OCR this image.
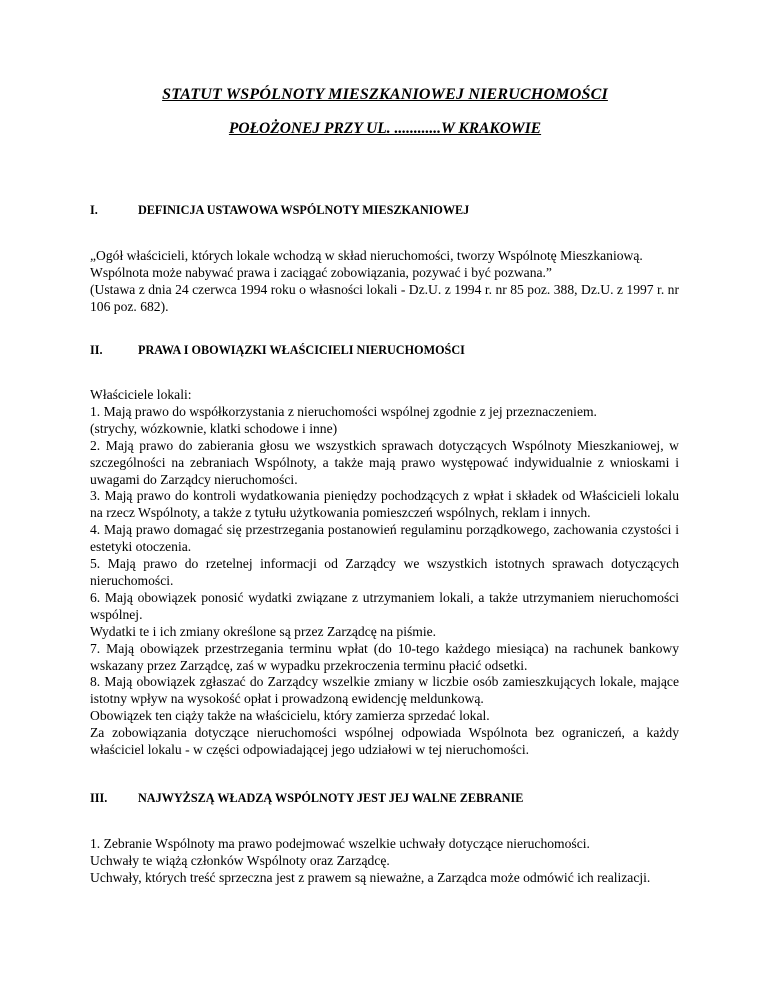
STATUT WSPÓLNOTY MIESZKANIOWEJ NIERUCHOMOŚCI
POŁOŻONEJ PRZY UL. ............W KRAKOWIE
I.	DEFINICJA USTAWOWA WSPÓLNOTY MIESZKANIOWEJ

„Ogół właścicieli, których lokale wchodzą w skład nieruchomości, tworzy Wspólnotę Mieszkaniową.

Wspólnota może nabywać prawa i zaciągać zobowiązania, pozywać i być pozwana.”

(Ustawa z dnia 24 czerwca 1994 roku o własności lokali - Dz.U. z 1994 r. nr 85 poz. 388, Dz.U. z 1997 r. nr 106 poz. 682).

II.	PRAWA I OBOWIĄZKI WŁAŚCICIELI NIERUCHOMOŚCI

Właściciele lokali:

1. Mają prawo do współkorzystania z nieruchomości wspólnej zgodnie z jej przeznaczeniem.

(strychy, wózkownie, klatki schodowe i inne)

2. Mają prawo do zabierania głosu we wszystkich sprawach dotyczących Wspólnoty Mieszkaniowej, w szczególności na zebraniach Wspólnoty, a także mają prawo występować indywidualnie z wnioskami i uwagami do Zarządcy nieruchomości.

3. Mają prawo do kontroli wydatkowania pieniędzy pochodzących z wpłat i składek od Właścicieli lokalu na rzecz Wspólnoty, a także z tytułu użytkowania pomieszczeń wspólnych, reklam i innych.

4. Mają prawo domagać się przestrzegania postanowień regulaminu porządkowego, zachowania czystości i estetyki otoczenia.

5. Mają prawo do rzetelnej informacji od Zarządcy we wszystkich istotnych sprawach dotyczących nieruchomości.

6. Mają obowiązek ponosić wydatki związane z utrzymaniem lokali, a także utrzymaniem nieruchomości wspólnej.

Wydatki te i ich zmiany określone są przez Zarządcę na piśmie.

7. Mają obowiązek przestrzegania terminu wpłat (do 10-tego każdego miesiąca) na rachunek bankowy wskazany przez Zarządcę, zaś w wypadku przekroczenia terminu płacić odsetki.

8. Mają obowiązek zgłaszać do Zarządcy wszelkie zmiany w liczbie osób zamieszkujących lokale, mające istotny wpływ na wysokość opłat i prowadzoną ewidencję meldunkową.

Obowiązek ten ciąży także na właścicielu, który zamierza sprzedać lokal.

Za zobowiązania dotyczące nieruchomości wspólnej odpowiada Wspólnota bez ograniczeń, a każdy właściciel lokalu - w części odpowiadającej jego udziałowi w tej nieruchomości.

III.	NAJWYŻSZĄ WŁADZĄ WSPÓLNOTY JEST JEJ WALNE ZEBRANIE

1. Zebranie Wspólnoty ma prawo podejmować wszelkie uchwały dotyczące nieruchomości.

Uchwały te wiążą członków Wspólnoty oraz Zarządcę.

Uchwały, których treść sprzeczna jest z prawem są nieważne, a Zarządca może odmówić ich realizacji.
